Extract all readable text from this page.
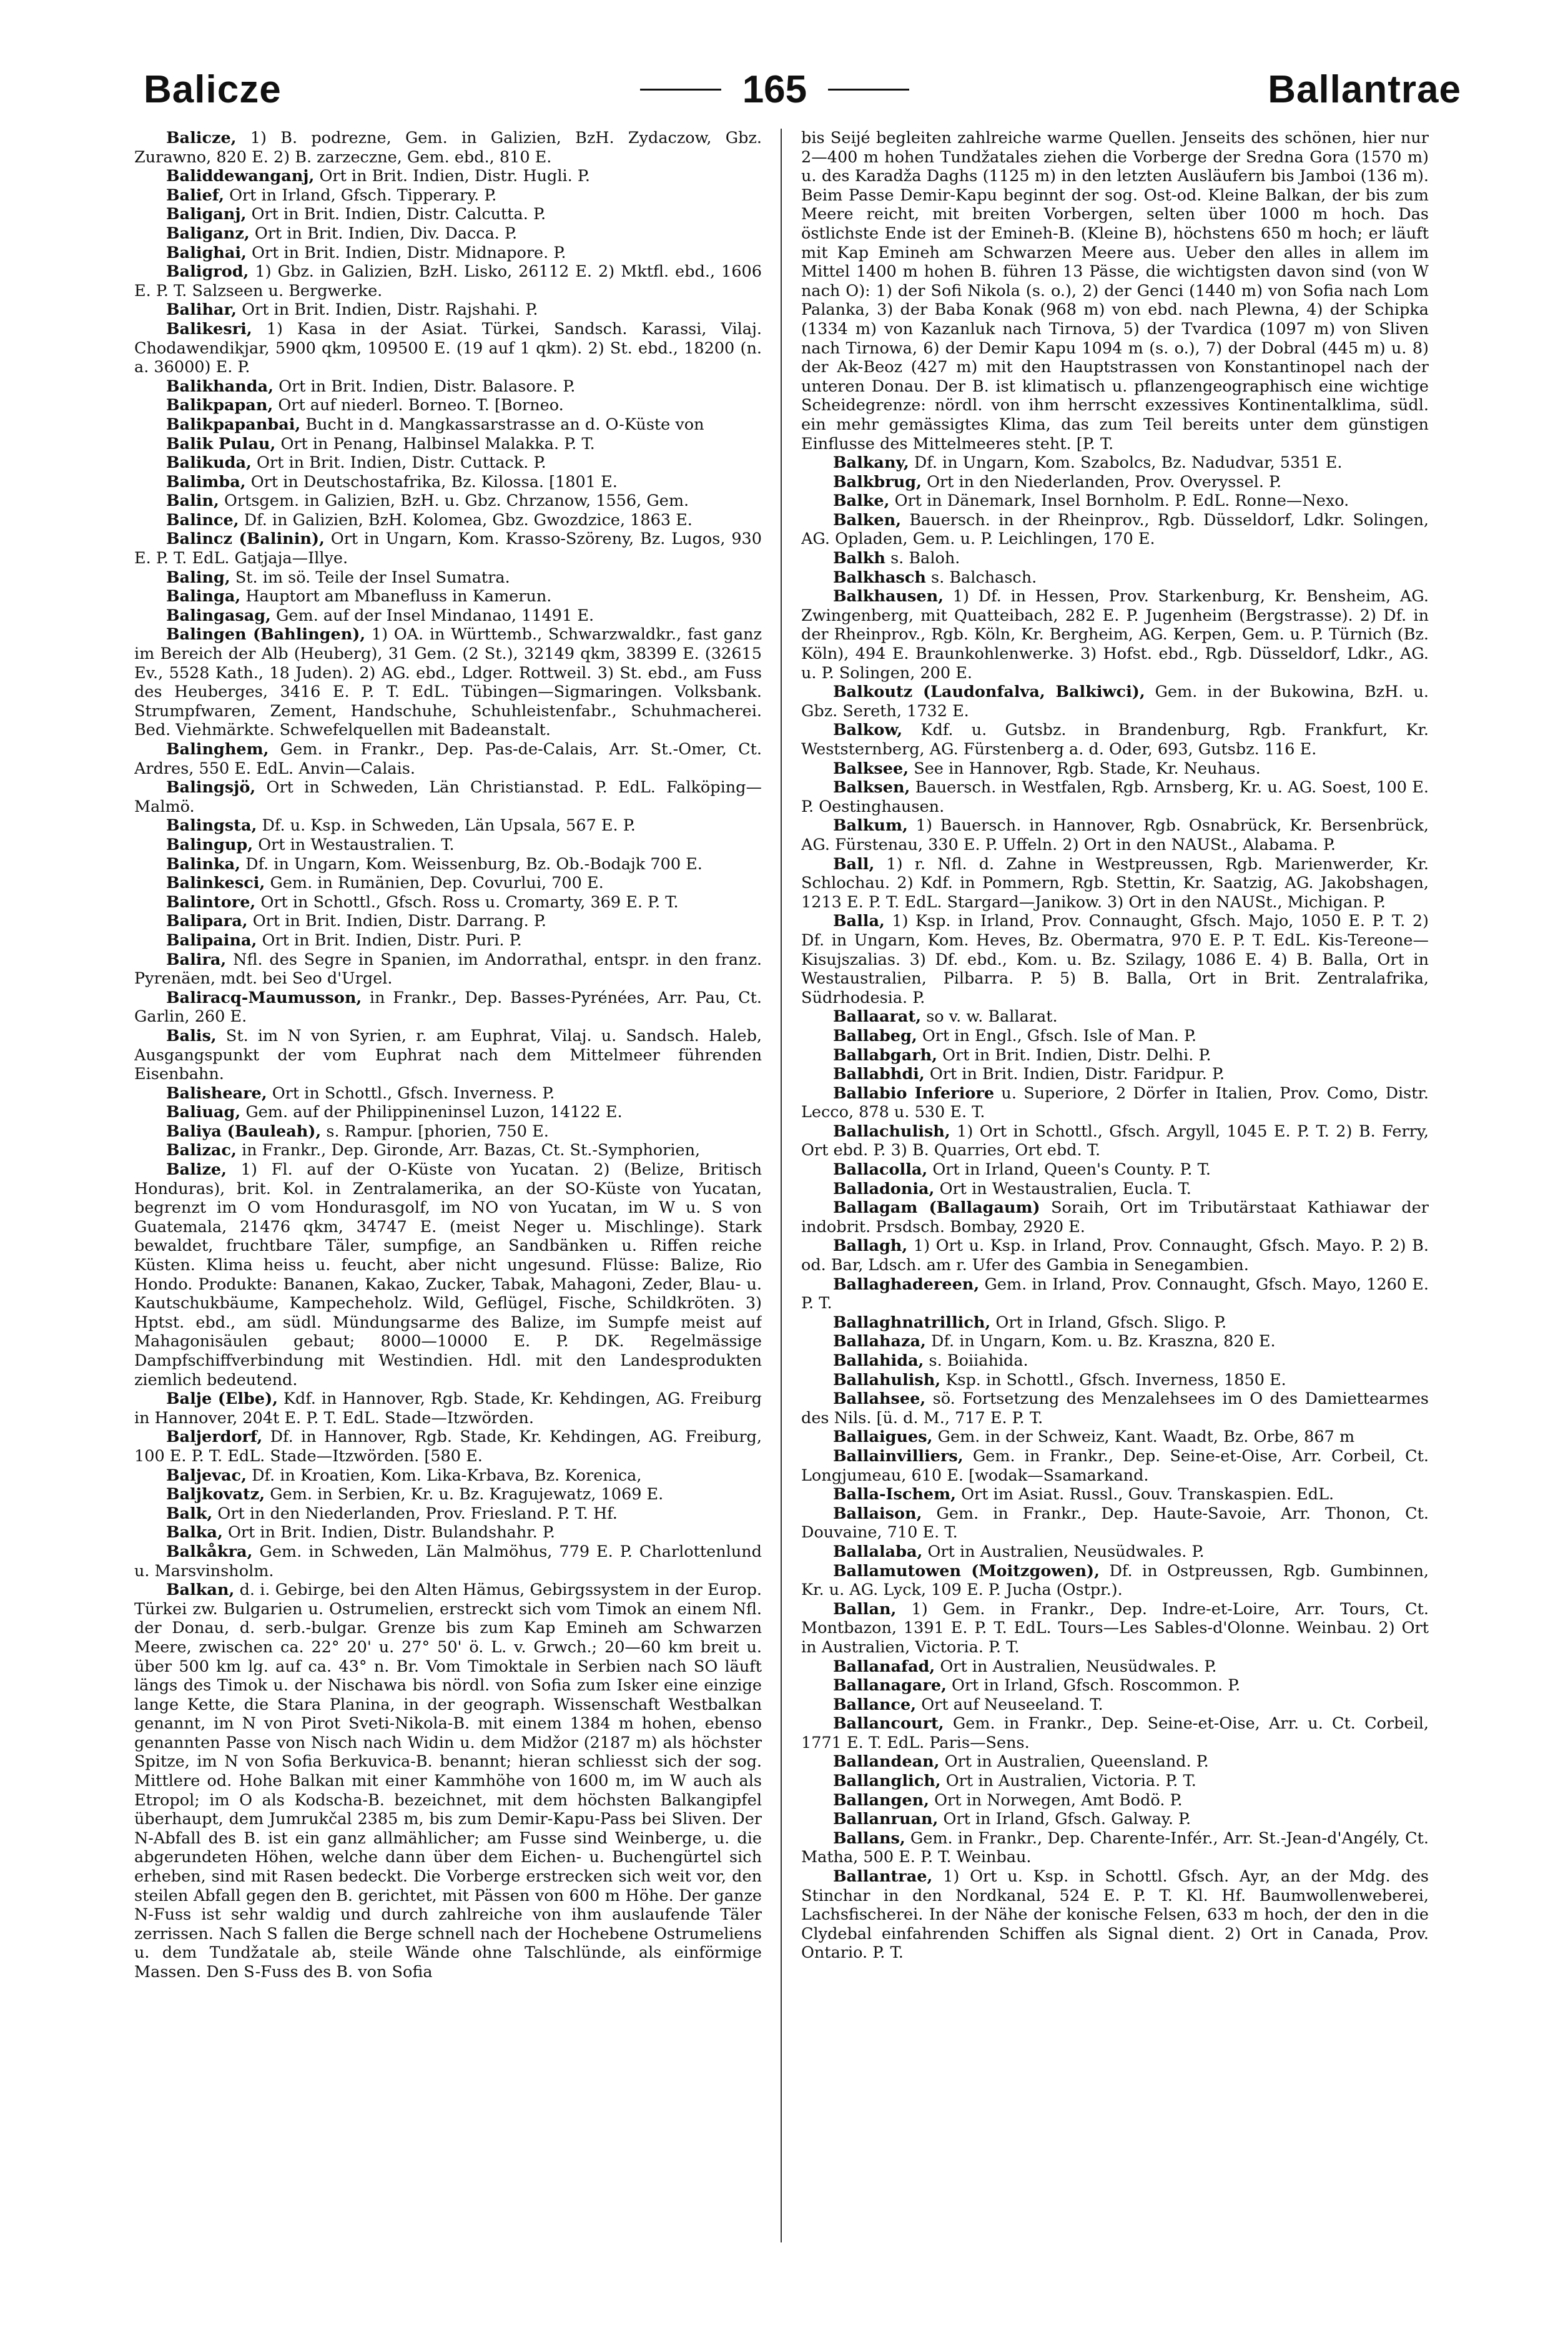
Balicze	165	Ballantrae

Balicze, 1) B. podrezne, Gem. in Galizien, BzH. Zydaczow, Gbz. Zurawno, 820 E. 2) B. zarzeczne, Gem. ebd., 810 E.

Baliddewanganj, Ort in Brit. Indien, Distr. Hugli. P.

Balief, Ort in Irland, Gfsch. Tipperary. P.

Baliganj, Ort in Brit. Indien, Distr. Calcutta. P.

Baliganz, Ort in Brit. Indien, Div. Dacca. P.

Balighai, Ort in Brit. Indien, Distr. Midnapore. P.

Baligrod, 1) Gbz. in Galizien, BzH. Lisko, 26112 E. 2) Mktfl. ebd., 1606 E. P. T. Salzseen u. Bergwerke.

Balihar, Ort in Brit. Indien, Distr. Rajshahi. P.

Balikesri, 1) Kasa in der Asiat. Türkei, Sandsch. Karassi, Vilaj. Chodawendikjar, 5900 qkm, 109500 E. (19 auf 1 qkm). 2) St. ebd., 18200 (n. a. 36000) E. P.

Balikhanda, Ort in Brit. Indien, Distr. Balasore. P.

Balikpapan, Ort auf niederl. Borneo. T. [Borneo.

Balikpapanbai, Bucht in d. Mangkassarstrasse an d. O-Küste von

Balik Pulau, Ort in Penang, Halbinsel Malakka. P. T.

Balikuda, Ort in Brit. Indien, Distr. Cuttack. P.

Balimba, Ort in Deutschostafrika, Bz. Kilossa. [1801 E.

Balin, Ortsgem. in Galizien, BzH. u. Gbz. Chrzanow, 1556, Gem.

Balince, Df. in Galizien, BzH. Kolomea, Gbz. Gwozdzice, 1863 E.

Balincz (Balinin), Ort in Ungarn, Kom. Krasso-Szöreny, Bz. Lugos, 930 E. P. T. EdL. Gatjaja—Illye.

Baling, St. im sö. Teile der Insel Sumatra.

Balinga, Hauptort am Mbanefluss in Kamerun.

Balingasag, Gem. auf der Insel Mindanao, 11491 E.

Balingen (Bahlingen), 1) OA. in Württemb., Schwarzwaldkr., fast ganz im Bereich der Alb (Heuberg), 31 Gem. (2 St.), 32149 qkm, 38399 E. (32615 Ev., 5528 Kath., 18 Juden). 2) AG. ebd., Ldger. Rottweil. 3) St. ebd., am Fuss des Heuberges, 3416 E. P. T. EdL. Tübingen—Sigmaringen. Volksbank. Strumpfwaren, Zement, Handschuhe, Schuhleistenfabr., Schuhmacherei. Bed. Viehmärkte. Schwefelquellen mit Badeanstalt.

Balinghem, Gem. in Frankr., Dep. Pas-de-Calais, Arr. St.-Omer, Ct. Ardres, 550 E. EdL. Anvin—Calais.

Balingsjö, Ort in Schweden, Län Christianstad. P. EdL. Falköping—Malmö.

Balingsta, Df. u. Ksp. in Schweden, Län Upsala, 567 E. P.

Balingup, Ort in Westaustralien. T.

Balinka, Df. in Ungarn, Kom. Weissenburg, Bz. Ob.-Bodajk 700 E.

Balinkesci, Gem. in Rumänien, Dep. Covurlui, 700 E.

Balintore, Ort in Schottl., Gfsch. Ross u. Cromarty, 369 E. P. T.

Balipara, Ort in Brit. Indien, Distr. Darrang. P.

Balipaina, Ort in Brit. Indien, Distr. Puri. P.

Balira, Nfl. des Segre in Spanien, im Andorrathal, entspr. in den franz. Pyrenäen, mdt. bei Seo d'Urgel.

Baliracq-Maumusson, in Frankr., Dep. Basses-Pyrénées, Arr. Pau, Ct. Garlin, 260 E.

Balis, St. im N von Syrien, r. am Euphrat, Vilaj. u. Sandsch. Haleb, Ausgangspunkt der vom Euphrat nach dem Mittelmeer führenden Eisenbahn.

Balisheare, Ort in Schottl., Gfsch. Inverness. P.

Baliuag, Gem. auf der Philippineninsel Luzon, 14122 E.

Baliya (Bauleah), s. Rampur. [phorien, 750 E.

Balizac, in Frankr., Dep. Gironde, Arr. Bazas, Ct. St.-Symphorien,

Balize, 1) Fl. auf der O-Küste von Yucatan. 2) (Belize, Britisch Honduras), brit. Kol. in Zentralamerika, an der SO-Küste von Yucatan, begrenzt im O vom Hondurasgolf, im NO von Yucatan, im W u. S von Guatemala, 21476 qkm, 34747 E. (meist Neger u. Mischlinge). Stark bewaldet, fruchtbare Täler, sumpfige, an Sandbänken u. Riffen reiche Küsten. Klima heiss u. feucht, aber nicht ungesund. Flüsse: Balize, Rio Hondo. Produkte: Bananen, Kakao, Zucker, Tabak, Mahagoni, Zeder, Blau- u. Kautschukbäume, Kampecheholz. Wild, Geflügel, Fische, Schildkröten. 3) Hptst. ebd., am südl. Mündungsarme des Balize, im Sumpfe meist auf Mahagonisäulen gebaut; 8000—10000 E. P. DK. Regelmässige Dampfschiffverbindung mit Westindien. Hdl. mit den Landesprodukten ziemlich bedeutend.

Balje (Elbe), Kdf. in Hannover, Rgb. Stade, Kr. Kehdingen, AG. Freiburg in Hannover, 204t E. P. T. EdL. Stade—Itzwörden.

Baljerdorf, Df. in Hannover, Rgb. Stade, Kr. Kehdingen, AG. Freiburg, 100 E. P. T. EdL. Stade—Itzwörden. [580 E.

Baljevac, Df. in Kroatien, Kom. Lika-Krbava, Bz. Korenica,

Baljkovatz, Gem. in Serbien, Kr. u. Bz. Kragujewatz, 1069 E.

Balk, Ort in den Niederlanden, Prov. Friesland. P. T. Hf.

Balka, Ort in Brit. Indien, Distr. Bulandshahr. P.

Balkåkra, Gem. in Schweden, Län Malmöhus, 779 E. P. Charlottenlund u. Marsvinsholm.

Balkan, d. i. Gebirge, bei den Alten Hämus, Gebirgssystem in der Europ. Türkei zw. Bulgarien u. Ostrumelien, erstreckt sich vom Timok an einem Nfl. der Donau, d. serb.-bulgar. Grenze bis zum Kap Emineh am Schwarzen Meere, zwischen ca. 22° 20' u. 27° 50' ö. L. v. Grwch.; 20—60 km breit u. über 500 km lg. auf ca. 43° n. Br. Vom Timoktale in Serbien nach SO läuft längs des Timok u. der Nischawa bis nördl. von Sofia zum Isker eine einzige lange Kette, die Stara Planina, in der geograph. Wissenschaft Westbalkan genannt, im N von Pirot Sveti-Nikola-B. mit einem 1384 m hohen, ebenso genannten Passe von Nisch nach Widin u. dem Midžor (2187 m) als höchster Spitze, im N von Sofia Berkuvica-B. benannt; hieran schliesst sich der sog. Mittlere od. Hohe Balkan mit einer Kammhöhe von 1600 m, im W auch als Etropol; im O als Kodscha-B. bezeichnet, mit dem höchsten Balkangipfel überhaupt, dem Jumrukčal 2385 m, bis zum Demir-Kapu-Pass bei Sliven. Der N-Abfall des B. ist ein ganz allmählicher; am Fusse sind Weinberge, u. die abgerundeten Höhen, welche dann über dem Eichen- u. Buchengürtel sich erheben, sind mit Rasen bedeckt. Die Vorberge erstrecken sich weit vor, den steilen Abfall gegen den B. gerichtet, mit Pässen von 600 m Höhe. Der ganze N-Fuss ist sehr waldig und durch zahlreiche von ihm auslaufende Täler zerrissen. Nach S fallen die Berge schnell nach der Hochebene Ostrumeliens u. dem Tundžatale ab, steile Wände ohne Talschlünde, als einförmige Massen. Den S-Fuss des B. von Sofia

bis Seijé begleiten zahlreiche warme Quellen. Jenseits des schönen, hier nur 2—400 m hohen Tundžatales ziehen die Vorberge der Sredna Gora (1570 m) u. des Karadža Daghs (1125 m) in den letzten Ausläufern bis Jamboi (136 m). Beim Passe Demir-Kapu beginnt der sog. Ost-od. Kleine Balkan, der bis zum Meere reicht, mit breiten Vorbergen, selten über 1000 m hoch. Das östlichste Ende ist der Emineh-B. (Kleine B), höchstens 650 m hoch; er läuft mit Kap Emineh am Schwarzen Meere aus. Ueber den alles in allem im Mittel 1400 m hohen B. führen 13 Pässe, die wichtigsten davon sind (von W nach O): 1) der Sofi Nikola (s. o.), 2) der Genci (1440 m) von Sofia nach Lom Palanka, 3) der Baba Konak (968 m) von ebd. nach Plewna, 4) der Schipka (1334 m) von Kazanluk nach Tirnova, 5) der Tvardica (1097 m) von Sliven nach Tirnowa, 6) der Demir Kapu 1094 m (s. o.), 7) der Dobral (445 m) u. 8) der Ak-Beoz (427 m) mit den Hauptstrassen von Konstantinopel nach der unteren Donau. Der B. ist klimatisch u. pflanzengeographisch eine wichtige Scheidegrenze: nördl. von ihm herrscht exzessives Kontinentalklima, südl. ein mehr gemässigtes Klima, das zum Teil bereits unter dem günstigen Einflusse des Mittelmeeres steht. [P. T.

Balkany, Df. in Ungarn, Kom. Szabolcs, Bz. Nadudvar, 5351 E.

Balkbrug, Ort in den Niederlanden, Prov. Overyssel. P.

Balke, Ort in Dänemark, Insel Bornholm. P. EdL. Ronne—Nexo.

Balken, Bauersch. in der Rheinprov., Rgb. Düsseldorf, Ldkr. Solingen, AG. Opladen, Gem. u. P. Leichlingen, 170 E.

Balkh s. Baloh.

Balkhasch s. Balchasch.

Balkhausen, 1) Df. in Hessen, Prov. Starkenburg, Kr. Bensheim, AG. Zwingenberg, mit Quatteibach, 282 E. P. Jugenheim (Bergstrasse). 2) Df. in der Rheinprov., Rgb. Köln, Kr. Bergheim, AG. Kerpen, Gem. u. P. Türnich (Bz. Köln), 494 E. Braunkohlenwerke. 3) Hofst. ebd., Rgb. Düsseldorf, Ldkr., AG. u. P. Solingen, 200 E.

Balkoutz (Laudonfalva, Balkiwci), Gem. in der Bukowina, BzH. u. Gbz. Sereth, 1732 E.

Balkow, Kdf. u. Gutsbz. in Brandenburg, Rgb. Frankfurt, Kr. Weststernberg, AG. Fürstenberg a. d. Oder, 693, Gutsbz. 116 E.

Balksee, See in Hannover, Rgb. Stade, Kr. Neuhaus.

Balksen, Bauersch. in Westfalen, Rgb. Arnsberg, Kr. u. AG. Soest, 100 E. P. Oestinghausen.

Balkum, 1) Bauersch. in Hannover, Rgb. Osnabrück, Kr. Bersenbrück, AG. Fürstenau, 330 E. P. Uffeln. 2) Ort in den NAUSt., Alabama. P.

Ball, 1) r. Nfl. d. Zahne in Westpreussen, Rgb. Marienwerder, Kr. Schlochau. 2) Kdf. in Pommern, Rgb. Stettin, Kr. Saatzig, AG. Jakobshagen, 1213 E. P. T. EdL. Stargard—Janikow. 3) Ort in den NAUSt., Michigan. P.

Balla, 1) Ksp. in Irland, Prov. Connaught, Gfsch. Majo, 1050 E. P. T. 2) Df. in Ungarn, Kom. Heves, Bz. Obermatra, 970 E. P. T. EdL. Kis-Tereone—Kisujszalias. 3) Df. ebd., Kom. u. Bz. Szilagy, 1086 E. 4) B. Balla, Ort in Westaustralien, Pilbarra. P. 5) B. Balla, Ort in Brit. Zentralafrika, Südrhodesia. P.

Ballaarat, so v. w. Ballarat.

Ballabeg, Ort in Engl., Gfsch. Isle of Man. P.

Ballabgarh, Ort in Brit. Indien, Distr. Delhi. P.

Ballabhdi, Ort in Brit. Indien, Distr. Faridpur. P.

Ballabio Inferiore u. Superiore, 2 Dörfer in Italien, Prov. Como, Distr. Lecco, 878 u. 530 E. T.

Ballachulish, 1) Ort in Schottl., Gfsch. Argyll, 1045 E. P. T. 2) B. Ferry, Ort ebd. P. 3) B. Quarries, Ort ebd. T.

Ballacolla, Ort in Irland, Queen's County. P. T.

Balladonia, Ort in Westaustralien, Eucla. T.

Ballagam (Ballagaum) Soraih, Ort im Tributärstaat Kathiawar der indobrit. Prsdsch. Bombay, 2920 E.

Ballagh, 1) Ort u. Ksp. in Irland, Prov. Connaught, Gfsch. Mayo. P. 2) B. od. Bar, Ldsch. am r. Ufer des Gambia in Senegambien.

Ballaghadereen, Gem. in Irland, Prov. Connaught, Gfsch. Mayo, 1260 E. P. T.

Ballaghnatrillich, Ort in Irland, Gfsch. Sligo. P.

Ballahaza, Df. in Ungarn, Kom. u. Bz. Kraszna, 820 E.

Ballahida, s. Boiiahida.

Ballahulish, Ksp. in Schottl., Gfsch. Inverness, 1850 E.

Ballahsee, sö. Fortsetzung des Menzalehsees im O des Damiettearmes des Nils. [ü. d. M., 717 E. P. T.

Ballaigues, Gem. in der Schweiz, Kant. Waadt, Bz. Orbe, 867 m

Ballainvilliers, Gem. in Frankr., Dep. Seine-et-Oise, Arr. Corbeil, Ct. Longjumeau, 610 E. [wodak—Ssamarkand.

Balla-Ischem, Ort im Asiat. Russl., Gouv. Transkaspien. EdL.

Ballaison, Gem. in Frankr., Dep. Haute-Savoie, Arr. Thonon, Ct. Douvaine, 710 E. T.

Ballalaba, Ort in Australien, Neusüdwales. P.

Ballamutowen (Moitzgowen), Df. in Ostpreussen, Rgb. Gumbinnen, Kr. u. AG. Lyck, 109 E. P. Jucha (Ostpr.).

Ballan, 1) Gem. in Frankr., Dep. Indre-et-Loire, Arr. Tours, Ct. Montbazon, 1391 E. P. T. EdL. Tours—Les Sables-d'Olonne. Weinbau. 2) Ort in Australien, Victoria. P. T.

Ballanafad, Ort in Australien, Neusüdwales. P.

Ballanagare, Ort in Irland, Gfsch. Roscommon. P.

Ballance, Ort auf Neuseeland. T.

Ballancourt, Gem. in Frankr., Dep. Seine-et-Oise, Arr. u. Ct. Corbeil, 1771 E. T. EdL. Paris—Sens.

Ballandean, Ort in Australien, Queensland. P.

Ballanglich, Ort in Australien, Victoria. P. T.

Ballangen, Ort in Norwegen, Amt Bodö. P.

Ballanruan, Ort in Irland, Gfsch. Galway. P.

Ballans, Gem. in Frankr., Dep. Charente-Infér., Arr. St.-Jean-d'Angély, Ct. Matha, 500 E. P. T. Weinbau.

Ballantrae, 1) Ort u. Ksp. in Schottl. Gfsch. Ayr, an der Mdg. des Stinchar in den Nordkanal, 524 E. P. T. Kl. Hf. Baumwollenweberei, Lachsfischerei. In der Nähe der konische Felsen, 633 m hoch, der den in die Clydebal einfahrenden Schiffen als Signal dient. 2) Ort in Canada, Prov. Ontario. P. T.
